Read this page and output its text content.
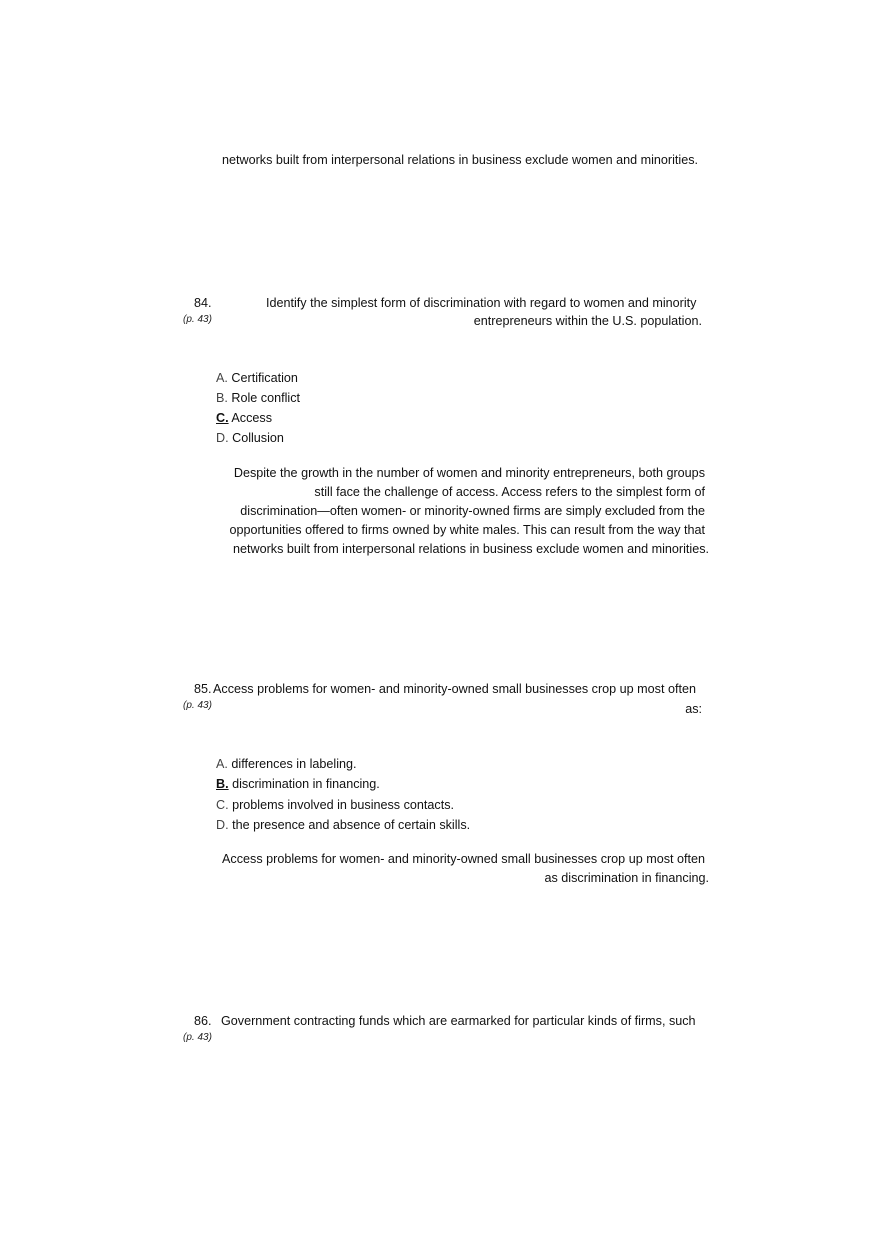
networks built from interpersonal relations in business exclude women and minorities.
84.
(p. 43)
Identify the simplest form of discrimination with regard to women and minority
entrepreneurs within the U.S. population.
A. Certification
B. Role conflict
C. Access
D. Collusion
Despite the growth in the number of women and minority entrepreneurs, both groups
still face the challenge of access. Access refers to the simplest form of
discrimination—often women- or minority-owned firms are simply excluded from the
opportunities offered to firms owned by white males. This can result from the way that
networks built from interpersonal relations in business exclude women and minorities.
85.
(p. 43)
Access problems for women- and minority-owned small businesses crop up most often
as:
A. differences in labeling.
B. discrimination in financing.
C. problems involved in business contacts.
D. the presence and absence of certain skills.
Access problems for women- and minority-owned small businesses crop up most often
as discrimination in financing.
86.
(p. 43)
Government contracting funds which are earmarked for particular kinds of firms, such
